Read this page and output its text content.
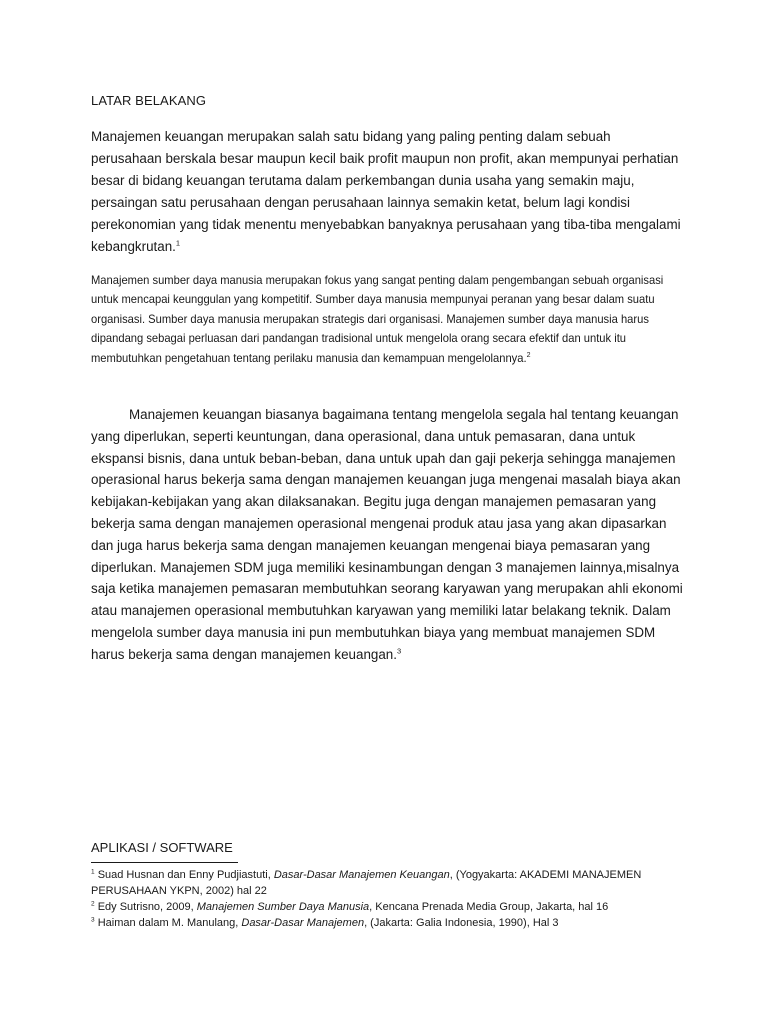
LATAR BELAKANG

Manajemen keuangan merupakan salah satu bidang yang paling penting dalam sebuah perusahaan berskala besar maupun kecil baik profit maupun non profit, akan mempunyai perhatian besar di bidang keuangan terutama dalam perkembangan dunia usaha yang semakin maju, persaingan satu perusahaan dengan perusahaan lainnya semakin ketat, belum lagi kondisi perekonomian yang tidak menentu menyebabkan banyaknya perusahaan yang tiba-tiba mengalami kebangkrutan.$^1$

Manajemen sumber daya manusia merupakan fokus yang sangat penting dalam pengembangan sebuah organisasi untuk mencapai keunggulan yang kompetitif. Sumber daya manusia mempunyai peranan yang besar dalam suatu organisasi. Sumber daya manusia merupakan strategis dari organisasi. Manajemen sumber daya manusia harus dipandang sebagai perluasan dari pandangan tradisional untuk mengelola orang secara efektif dan untuk itu membutuhkan pengetahuan tentang perilaku manusia dan kemampuan mengelolannya.$^2$

Manajemen keuangan biasanya bagaimana tentang mengelola segala hal tentang keuangan yang diperlukan, seperti keuntungan, dana operasional, dana untuk pemasaran, dana untuk ekspansi bisnis, dana untuk beban-beban, dana untuk upah dan gaji pekerja sehingga manajemen operasional harus bekerja sama dengan manajemen keuangan juga mengenai masalah biaya akan kebijakan-kebijakan yang akan dilaksanakan. Begitu juga dengan manajemen pemasaran yang bekerja sama dengan manajemen operasional mengenai produk atau jasa yang akan dipasarkan dan juga harus bekerja sama dengan manajemen keuangan mengenai biaya pemasaran yang diperlukan. Manajemen SDM juga memiliki kesinambungan dengan 3 manajemen lainnya,misalnya saja ketika manajemen pemasaran membutuhkan seorang karyawan yang merupakan ahli ekonomi atau manajemen operasional membutuhkan karyawan yang memiliki latar belakang teknik. Dalam mengelola sumber daya manusia ini pun membutuhkan biaya yang membuat manajemen SDM harus bekerja sama dengan manajemen keuangan.$^3$

APLIKASI / SOFTWARE

$^1$ Suad Husnan dan Enny Pudjiastuti, Dasar-Dasar Manajemen Keuangan, (Yogyakarta: AKADEMI MANAJEMEN PERUSAHAAN YKPN, 2002) hal 22

$^2$ Edy Sutrisno, 2009, Manajemen Sumber Daya Manusia, Kencana Prenada Media Group, Jakarta, hal 16

$^3$ Haiman dalam M. Manulang, Dasar-Dasar Manajemen, (Jakarta: Galia Indonesia, 1990), Hal 3
